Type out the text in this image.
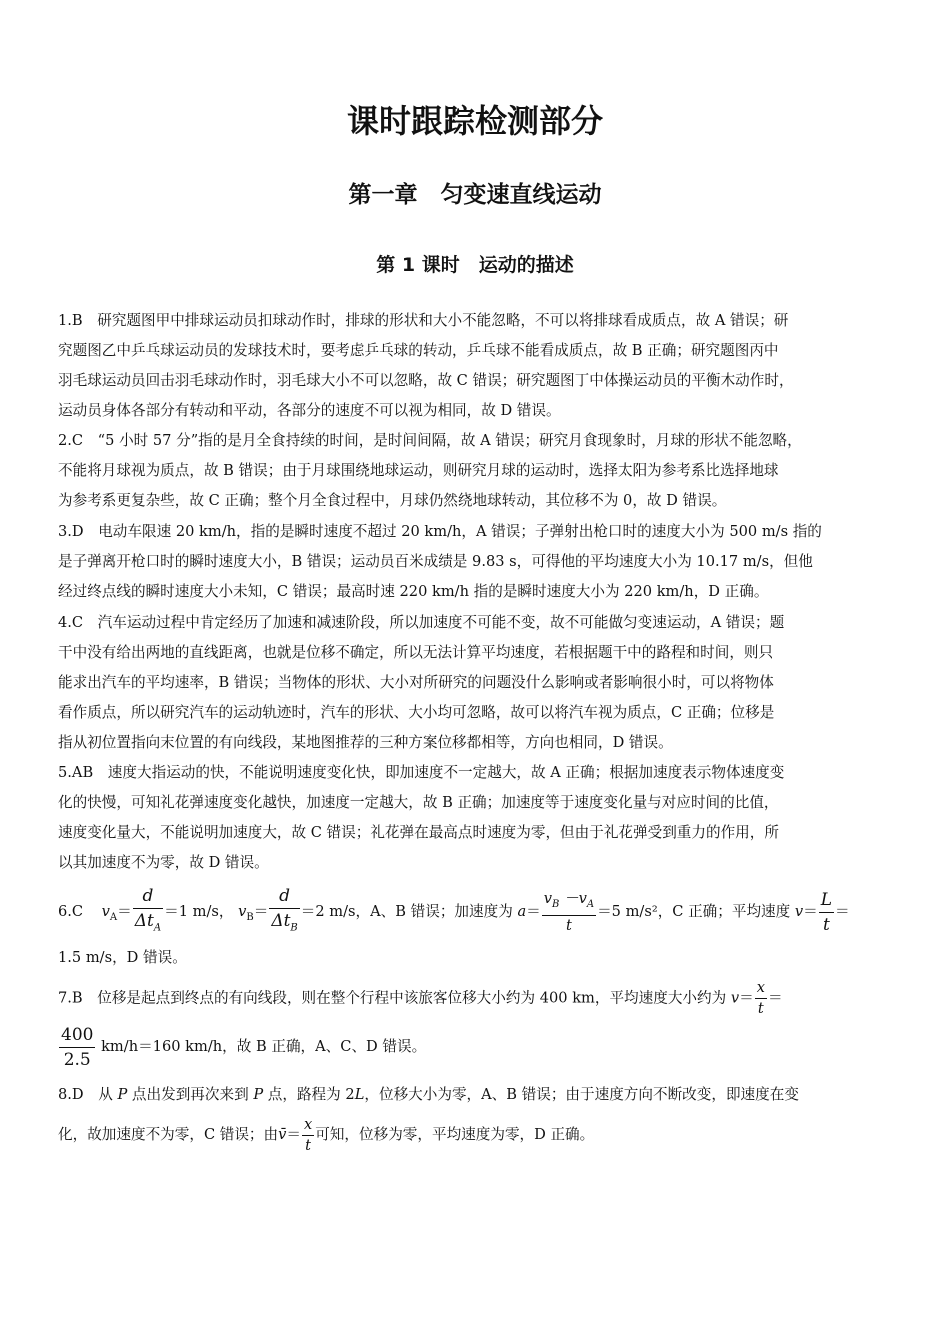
课时跟踪检测部分
第一章　匀变速直线运动
第 1 课时　运动的描述

1.B　研究题图甲中排球运动员扣球动作时，排球的形状和大小不能忽略，不可以将排球看成质点，故 A 错误；研

究题图乙中乒乓球运动员的发球技术时，要考虑乒乓球的转动，乒乓球不能看成质点，故 B 正确；研究题图丙中

羽毛球运动员回击羽毛球动作时，羽毛球大小不可以忽略，故 C 错误；研究题图丁中体操运动员的平衡木动作时，

运动员身体各部分有转动和平动，各部分的速度不可以视为相同，故 D 错误。

2.C　“5 小时 57 分”指的是月全食持续的时间，是时间间隔，故 A 错误；研究月食现象时，月球的形状不能忽略，

不能将月球视为质点，故 B 错误；由于月球围绕地球运动，则研究月球的运动时，选择太阳为参考系比选择地球

为参考系更复杂些，故 C 正确；整个月全食过程中，月球仍然绕地球转动，其位移不为 0，故 D 错误。

3.D　电动车限速 20 km/h，指的是瞬时速度不超过 20 km/h，A 错误；子弹射出枪口时的速度大小为 500 m/s 指的

是子弹离开枪口时的瞬时速度大小，B 错误；运动员百米成绩是 9.83 s，可得他的平均速度大小为 10.17 m/s，但他

经过终点线的瞬时速度大小未知，C 错误；最高时速 220 km/h 指的是瞬时速度大小为 220 km/h，D 正确。

4.C　汽车运动过程中肯定经历了加速和减速阶段，所以加速度不可能不变，故不可能做匀变速运动，A 错误；题

干中没有给出两地的直线距离，也就是位移不确定，所以无法计算平均速度，若根据题干中的路程和时间，则只

能求出汽车的平均速率，B 错误；当物体的形状、大小对所研究的问题没什么影响或者影响很小时，可以将物体

看作质点，所以研究汽车的运动轨迹时，汽车的形状、大小均可忽略，故可以将汽车视为质点，C 正确；位移是

指从初位置指向末位置的有向线段，某地图推荐的三种方案位移都相等，方向也相同，D 错误。

5.AB　速度大指运动的快，不能说明速度变化快，即加速度不一定越大，故 A 正确；根据加速度表示物体速度变

化的快慢，可知礼花弹速度变化越快，加速度一定越大，故 B 正确；加速度等于速度变化量与对应时间的比值，

速度变化量大，不能说明加速度大，故 C 错误；礼花弹在最高点时速度为零，但由于礼花弹受到重力的作用，所

以其加速度不为零，故 D 错误。

6.C $v_A= \frac{d}{\Delta t_A} =1$ m/s， $v_B= \frac{d}{\Delta t_B} =2$ m/s，A、B 错误；加速度为 $a= \frac{v_B -v_A}{t} =5$ m/s²，C 正确；平均速度 $v= \frac{L}{t}$ ＝

1.5 m/s，D 错误。

7.B　位移是起点到终点的有向线段，则在整个行程中该旅客位移大小约为 400 km，平均速度大小约为 $v= \frac{x}{t}$ ＝

$\frac{400}{2.5} km/h=160$ km/h，故 B 正确，A、C、D 错误。

8.D　从 P 点出发到再次来到 P 点，路程为 2L，位移大小为零，A、B 错误；由于速度方向不断改变，即速度在变

化，故加速度不为零，C 错误；由v̄＝ $\frac{x}{t}$ 可知，位移为零，平均速度为零，D 正确。
